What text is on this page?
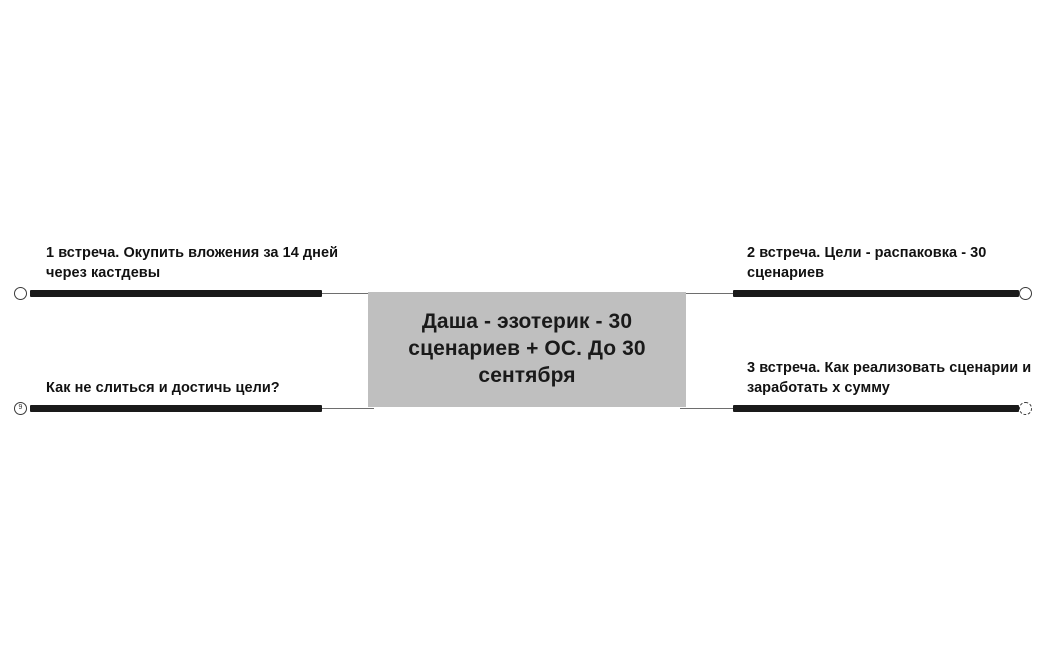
1 встреча. Окупить вложения за 14 дней через кастдевы
2 встреча. Цели - распаковка - 30 сценариев
9
Как не слиться и достичь цели?
3 встреча. Как реализовать сценарии и заработать х сумму
Даша - эзотерик - 30 сценариев + ОС. До 30 сентября
